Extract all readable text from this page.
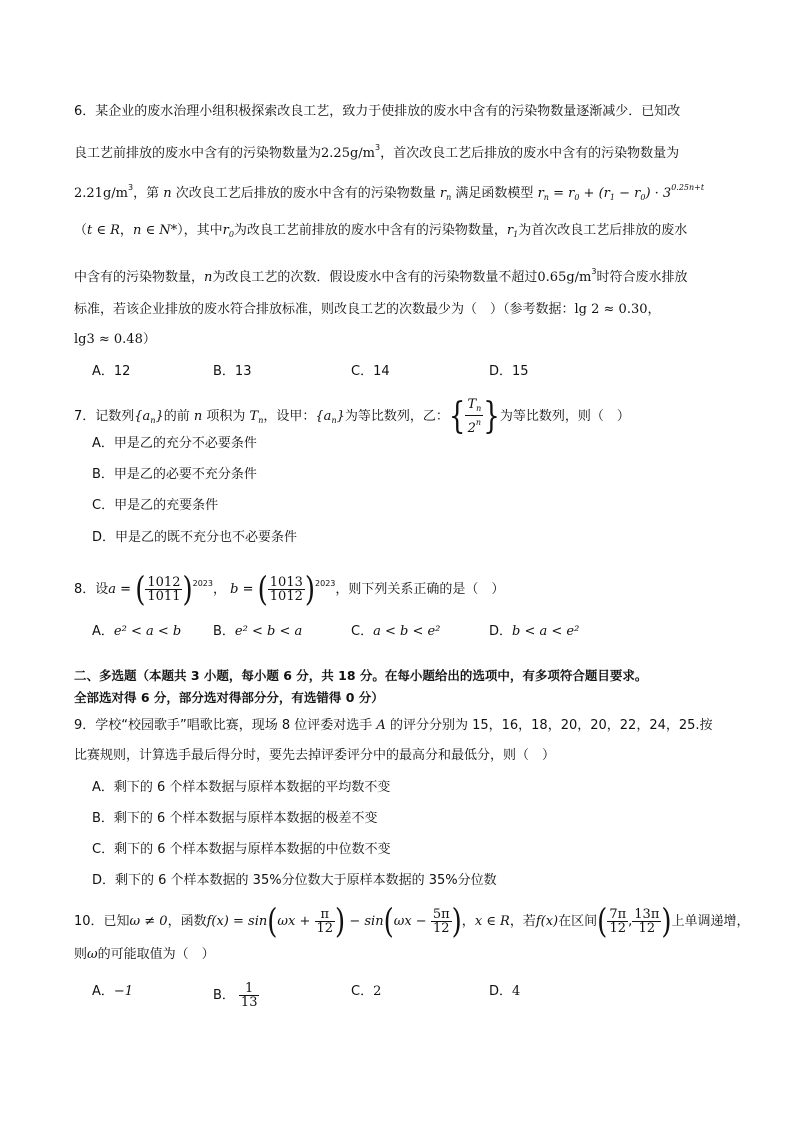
6．某企业的废水治理小组积极探索改良工艺，致力于使排放的废水中含有的污染物数量逐渐减少．已知改
良工艺前排放的废水中含有的污染物数量为$2.25g/m^3$，首次改良工艺后排放的废水中含有的污染物数量为
$2.21g/m^3$，第 n 次改良工艺后排放的废水中含有的污染物数量 $r_n$ 满足函数模型 $r_n = r_0 + (r_1 - r_0) \cdot 3^{0.25n+t}$
（t ∈ R，n ∈ N*），其中$r_0$为改良工艺前排放的废水中含有的污染物数量，$r_1$为首次改良工艺后排放的废水
中含有的污染物数量，n为改良工艺的次数．假设废水中含有的污染物数量不超过$0.65g/m^3$时符合废水排放
标准，若该企业排放的废水符合排放标准，则改良工艺的次数最少为（　）（参考数据：lg 2 ≈ 0.30，
lg3 ≈ 0.48）
A．12	B．13	C．14	D．15
7．记数列$\{a_n\}$的前 n 项积为 $T_n$，设甲：$\{a_n\}$为等比数列，乙：{ $\frac{T_n}{2^n}$ }为等比数列，则（　）
A．甲是乙的充分不必要条件
B．甲是乙的必要不充分条件
C．甲是乙的充要条件
D．甲是乙的既不充分也不必要条件
8．设a = ( $\frac{1012}{1011} )^{2023}$， b = ( $\frac{1013}{1012} )^{2023}$，则下列关系正确的是（　）
A．e² < a < b B．e² < b < a	C．a < b < e²	D．b < a < e²
二、多选题（本题共 3 小题，每小题 6 分，共 18 分。在每小题给出的选项中，有多项符合题目要求。
全部选对得 6 分，部分选对得部分分，有选错得 0 分）
9．学校“校园歌手”唱歌比赛，现场 8 位评委对选手 A 的评分分别为 15，16，18，20，20，22，24，25.按
比赛规则，计算选手最后得分时，要先去掉评委评分中的最高分和最低分，则（　）
A．剩下的 6 个样本数据与原样本数据的平均数不变
B．剩下的 6 个样本数据与原样本数据的极差不变
C．剩下的 6 个样本数据与原样本数据的中位数不变
D．剩下的 6 个样本数据的 35%分位数大于原样本数据的 35%分位数
10．已知ω ≠ 0，函数$f(x) = \sin(\omega x + \frac{\pi}{12}$ ) − $\sin(\omega x - \frac{5\pi}{12}$ )，x ∈ R，若f(x)在区间( $\frac{7\pi}{12}$ , $\frac{13\pi}{12}$ )上单调递增，
则ω的可能取值为（　）
A．−1	B． $\frac{1}{13}$	C．2	D．4
